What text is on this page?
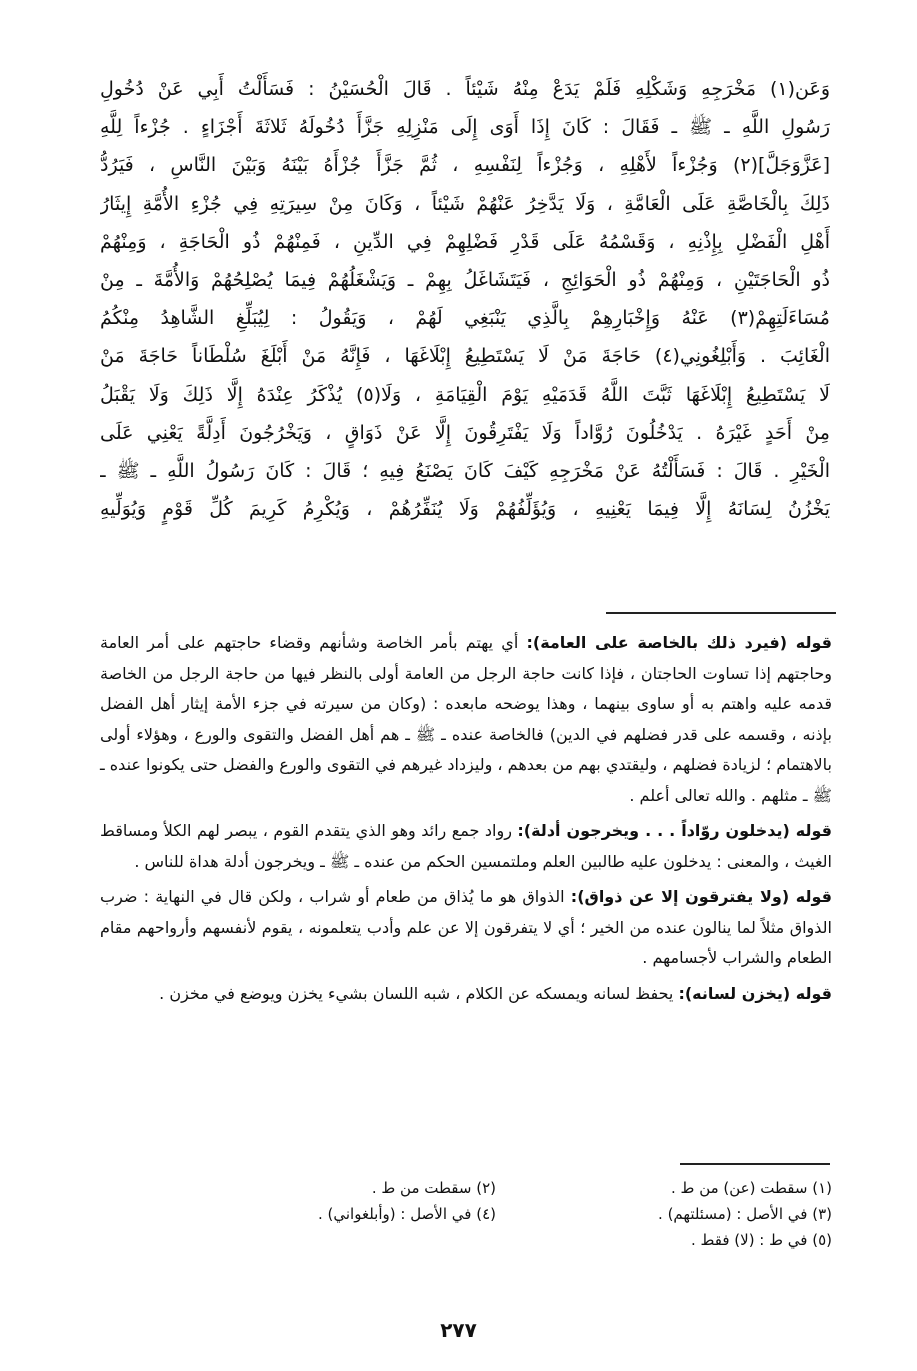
وَعَن(١) مَخْرَجِهِ وَشَكْلِهِ فَلَمْ يَدَعْ مِنْهُ شَيْئاً . قَالَ الْحُسَيْنُ : فَسَأَلْتُ أَبِي عَنْ دُخُولِ
رَسُولِ اللَّهِ ـ ﷺ ـ فَقَالَ : كَانَ إِذَا أَوَى إِلَى مَنْزِلِهِ جَزَّأَ دُخُولَهُ ثَلاثَةَ أَجْزَاءٍ . جُزْءاً لِلَّهِ
[عَزَّوَجَلَّ](٢) وَجُزْءاً لأَهْلِهِ ، وَجُزْءاً لِنَفْسِهِ ، ثُمَّ جَزَّأَ جُزْأَهُ بَيْنَهُ وَبَيْنَ النَّاسِ ، فَيَرُدُّ
ذَلِكَ بِالْخَاصَّةِ عَلَى الْعَامَّةِ ، وَلَا يَدَّخِرُ عَنْهُمْ شَيْئاً ، وَكَانَ مِنْ سِيرَتِهِ فِي جُزْءِ الأُمَّةِ إِيثَارُ
أَهْلِ الْفَضْلِ بِإِذْنِهِ ، وَقَسْمُهُ عَلَى قَدْرِ فَضْلِهِمْ فِي الدِّينِ ، فَمِنْهُمْ ذُو الْحَاجَةِ ، وَمِنْهُمْ
ذُو الْحَاجَتَيْنِ ، وَمِنْهُمْ ذُو الْحَوَائِجِ ، فَيَتَشَاغَلُ بِهِمْ ـ وَيَشْغَلُهُمْ فِيمَا يُصْلِحُهُمْ وَالأُمَّةَ ـ مِنْ
مُسَاءَلَتِهِمْ(٣) عَنْهُ وَإِخْبَارِهِمْ بِالَّذِي يَنْبَغِي لَهُمْ ، وَيَقُولُ : لِيُبَلِّغِ الشَّاهِدُ مِنْكُمُ
الْغَائِبَ . وَأَبْلِغُونِي(٤) حَاجَةَ مَنْ لَا يَسْتَطِيعُ إِبْلَاغَهَا ، فَإِنَّهُ مَنْ أَبْلَغَ سُلْطَاناً حَاجَةَ مَنْ
لَا يَسْتَطِيعُ إِبْلَاغَهَا ثَبَّتَ اللَّهُ قَدَمَيْهِ يَوْمَ الْقِيَامَةِ ، وَلَا(٥) يُذْكَرُ عِنْدَهُ إِلَّا ذَلِكَ وَلَا يَقْبَلُ
مِنْ أَحَدٍ غَيْرَهُ . يَدْخُلُونَ رُوَّاداً وَلَا يَفْتَرِقُونَ إِلَّا عَنْ ذَوَاقٍ ، وَيَخْرُجُونَ أَدِلَّةً يَعْنِي عَلَى
الْخَيْرِ . قَالَ : فَسَأَلْتُهُ عَنْ مَخْرَجِهِ كَيْفَ كَانَ يَصْنَعُ فِيهِ ؛ قَالَ : كَانَ رَسُولُ اللَّهِ ـ ﷺ ـ
يَخْزُنُ لِسَانَهُ إِلَّا فِيمَا يَعْنِيهِ ، وَيُؤَلِّفُهُمْ وَلَا يُنَفِّرُهُمْ ، وَيُكْرِمُ كَرِيمَ كُلِّ قَوْمٍ وَيُوَلِّيهِ

قوله (فيرد ذلك بالخاصة على العامة): أي يهتم بأمر الخاصة وشأنهم وقضاء حاجتهم على أمر العامة وحاجتهم إذا تساوت الحاجتان ، فإذا كانت حاجة الرجل من العامة أولى بالنظر فيها من حاجة الرجل من الخاصة قدمه عليه واهتم به أو ساوى بينهما ، وهذا يوضحه مابعده : (وكان من سيرته في جزء الأمة إيثار أهل الفضل بإذنه ، وقسمه على قدر فضلهم في الدين) فالخاصة عنده ـ ﷺ ـ هم أهل الفضل والتقوى والورع ، وهؤلاء أولى بالاهتمام ؛ لزيادة فضلهم ، وليقتدي بهم من بعدهم ، وليزداد غيرهم في التقوى والورع والفضل حتى يكونوا عنده ـ ﷺ ـ مثلهم . والله تعالى أعلم .

قوله (يدخلون روّاداً . . . ويخرجون أدلة): رواد جمع رائد وهو الذي يتقدم القوم ، يبصر لهم الكلأ ومساقط الغيث ، والمعنى : يدخلون عليه طالبين العلم وملتمسين الحكم من عنده ـ ﷺ ـ ويخرجون أدلة هداة للناس .

قوله (ولا يفترقون إلا عن ذواق): الذواق هو ما يُذاق من طعام أو شراب ، ولكن قال في النهاية : ضرب الذواق مثلاً لما ينالون عنده من الخير ؛ أي لا يتفرقون إلا عن علم وأدب يتعلمونه ، يقوم لأنفسهم وأرواحهم مقام الطعام والشراب لأجسامهم .

قوله (يخزن لسانه): يحفظ لسانه ويمسكه عن الكلام ، شبه اللسان بشيء يخزن ويوضع في مخزن .

(١) سقطت (عن) من ط .
(٢) سقطت من ط .
(٣) في الأصل : (مسئلتهم) .
(٤) في الأصل : (وأبلغواني) .
(٥) في ط : (لا) فقط .
٢٧٧
